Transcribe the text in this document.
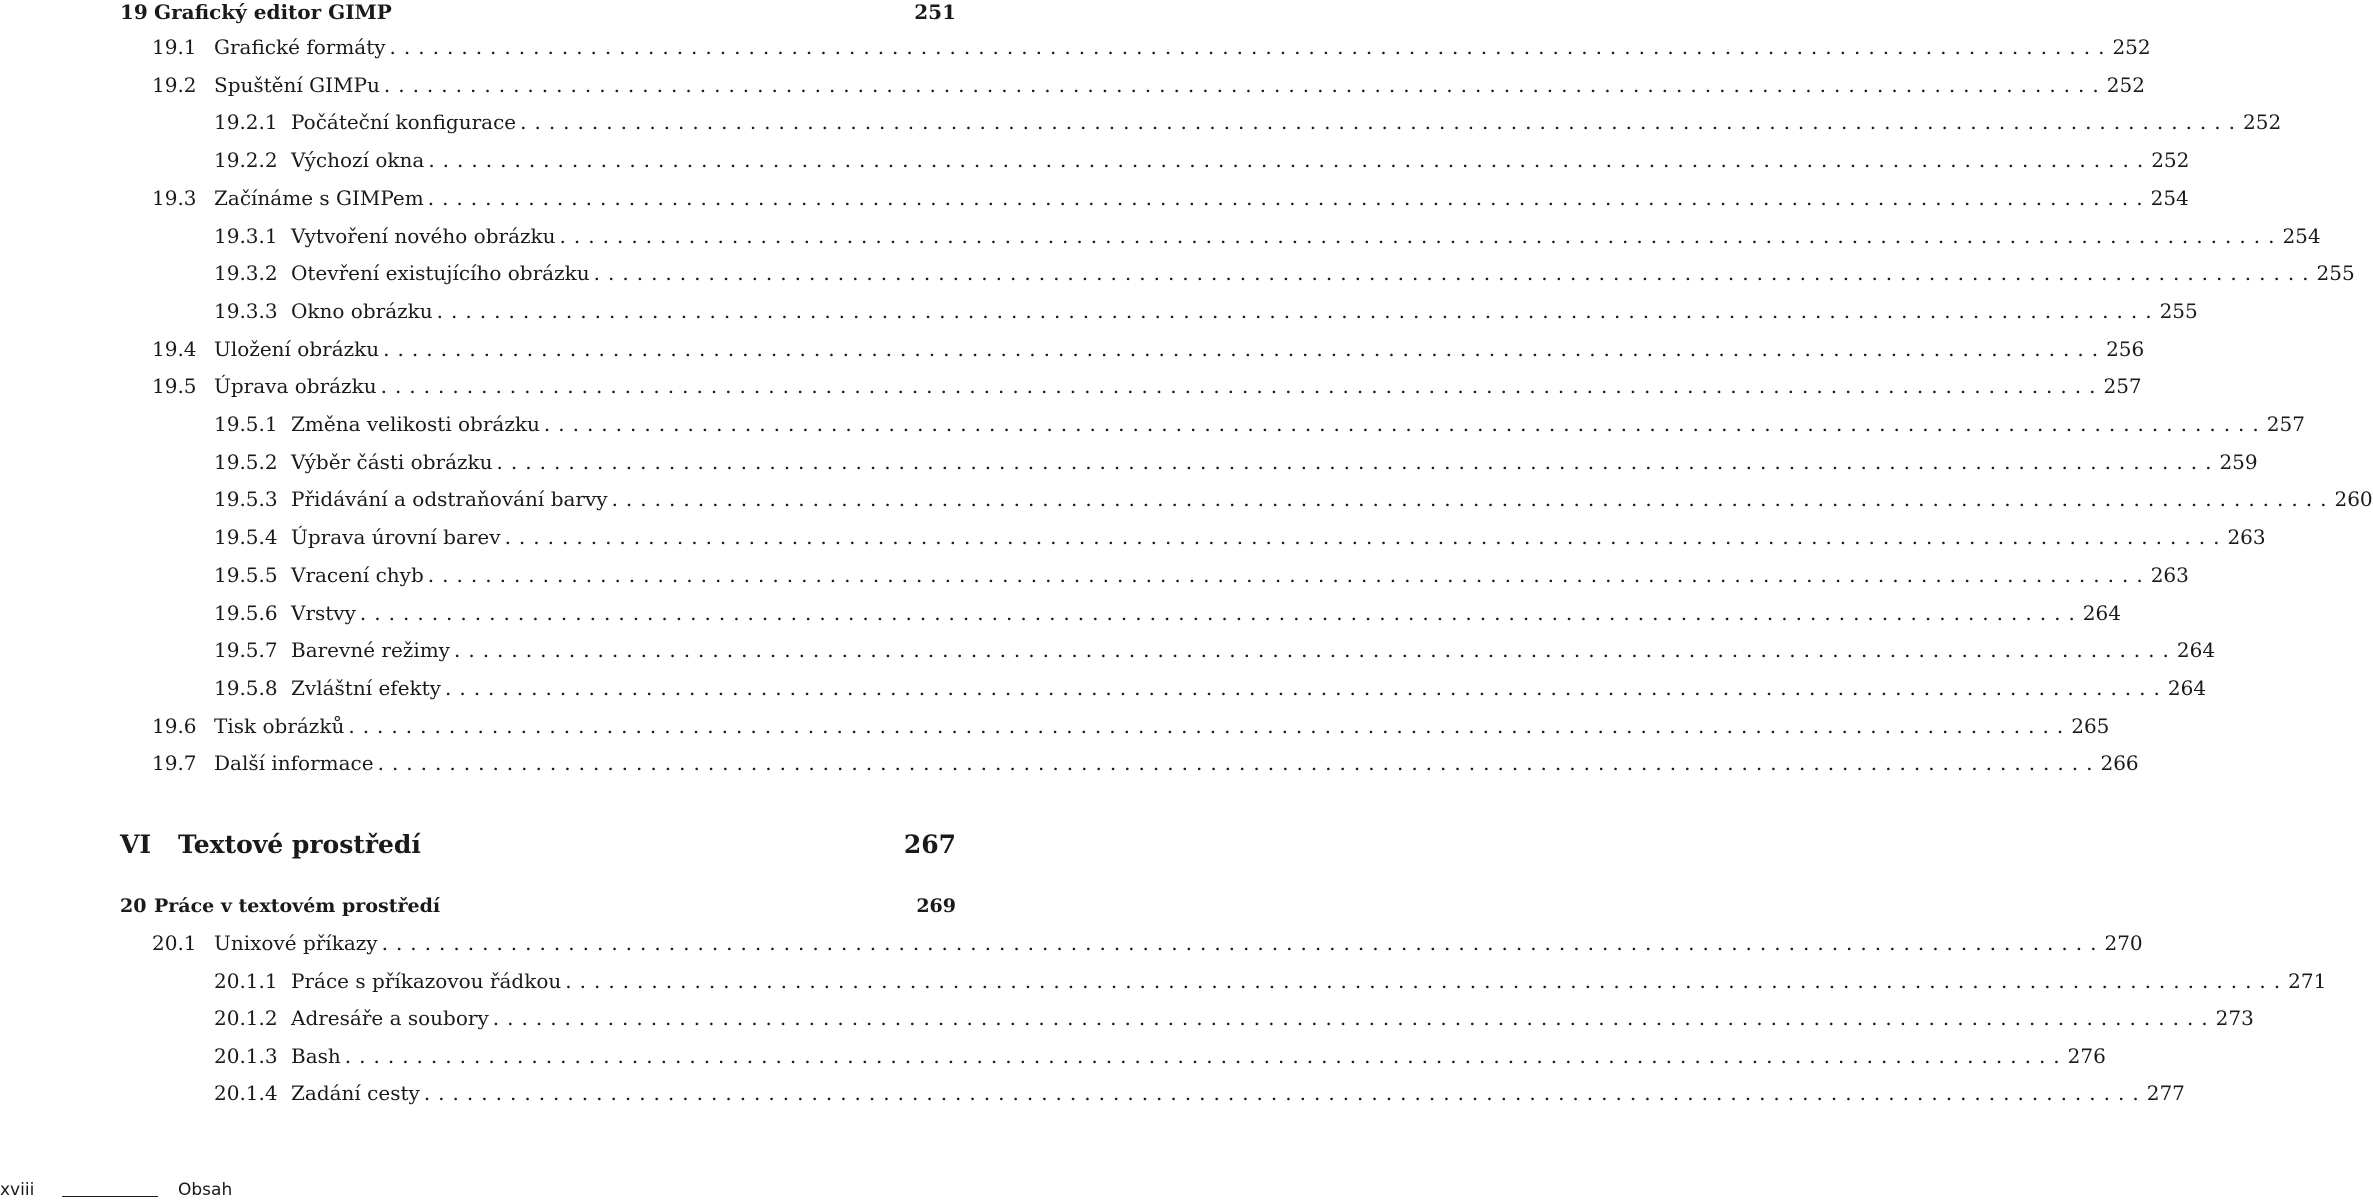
19 Grafický editor GIMP	251
19.1 Grafické formáty ........................................................................................................................ 252
19.2 Spuštění GIMPu ........................................................................................................................ 252
19.2.1 Počáteční konfigurace ........................................................................................................................ 252
19.2.2 Výchozí okna ........................................................................................................................ 252
19.3 Začínáme s GIMPem ........................................................................................................................ 254
19.3.1 Vytvoření nového obrázku ........................................................................................................................ 254
19.3.2 Otevření existujícího obrázku ........................................................................................................................ 255
19.3.3 Okno obrázku ........................................................................................................................ 255
19.4 Uložení obrázku ........................................................................................................................ 256
19.5 Úprava obrázku ........................................................................................................................ 257
19.5.1 Změna velikosti obrázku ........................................................................................................................ 257
19.5.2 Výběr části obrázku ........................................................................................................................ 259
19.5.3 Přidávání a odstraňování barvy ........................................................................................................................ 260
19.5.4 Úprava úrovní barev ........................................................................................................................ 263
19.5.5 Vracení chyb ........................................................................................................................ 263
19.5.6 Vrstvy ........................................................................................................................ 264
19.5.7 Barevné režimy ........................................................................................................................ 264
19.5.8 Zvláštní efekty ........................................................................................................................ 264
19.6 Tisk obrázků ........................................................................................................................ 265
19.7 Další informace ........................................................................................................................ 266
VI	Textové prostředí	267
20 Práce v textovém prostředí	269
20.1 Unixové příkazy ........................................................................................................................ 270
20.1.1 Práce s příkazovou řádkou ........................................................................................................................ 271
20.1.2 Adresáře a soubory ........................................................................................................................ 273
20.1.3 Bash ........................................................................................................................ 276
20.1.4 Zadání cesty ........................................................................................................................ 277
xviii	Obsah
